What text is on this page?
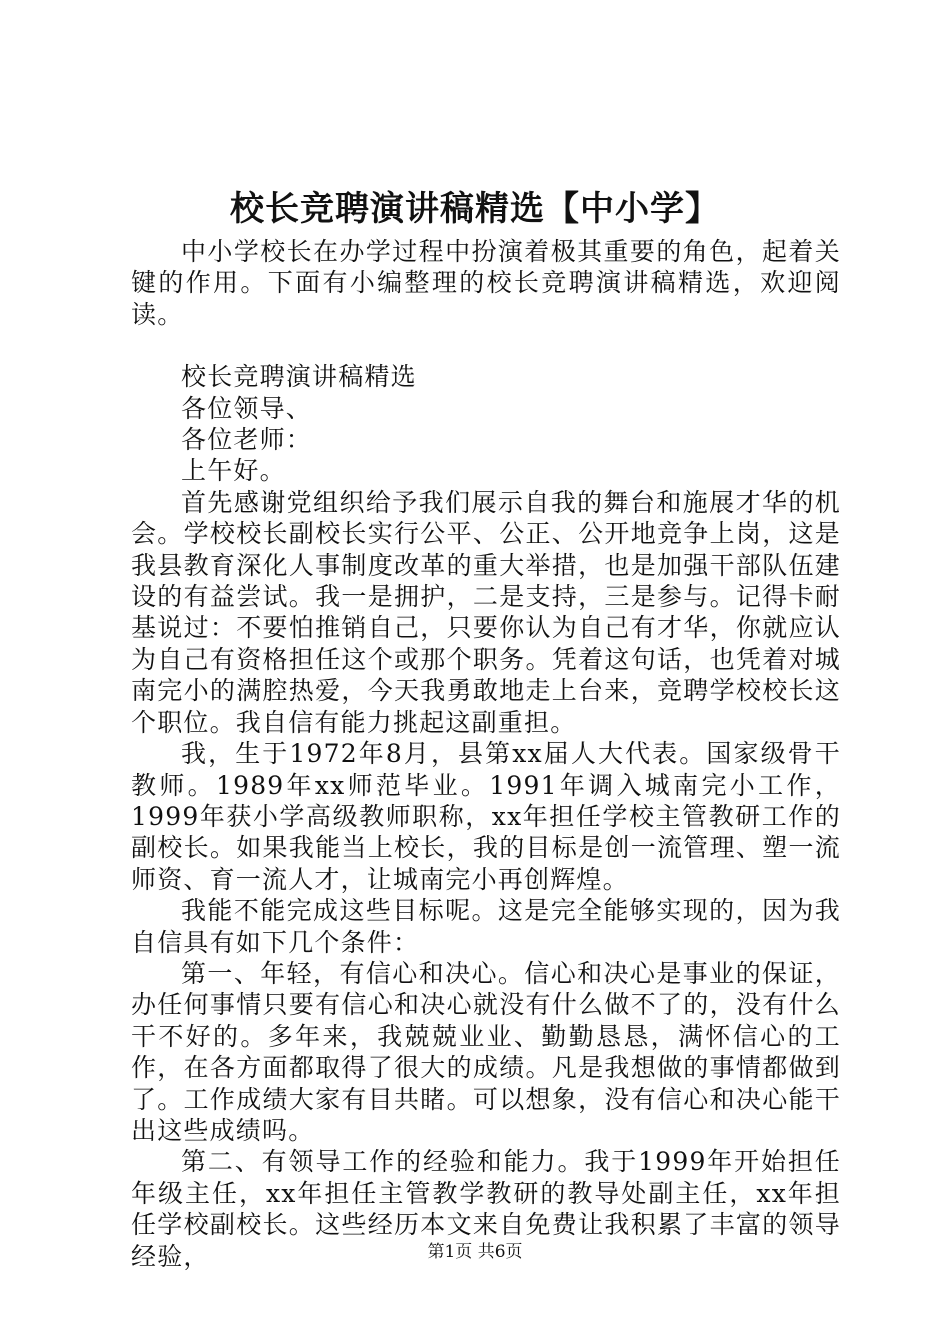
校长竞聘演讲稿精选【中小学】

中小学校长在办学过程中扮演着极其重要的角色，起着关键的作用。下面有小编整理的校长竞聘演讲稿精选，欢迎阅读。

校长竞聘演讲稿精选

各位领导、

各位老师：

上午好。

首先感谢党组织给予我们展示自我的舞台和施展才华的机会。学校校长副校长实行公平、公正、公开地竞争上岗，这是我县教育深化人事制度改革的重大举措，也是加强干部队伍建设的有益尝试。我一是拥护，二是支持，三是参与。记得卡耐基说过：不要怕推销自己，只要你认为自己有才华，你就应认为自己有资格担任这个或那个职务。凭着这句话，也凭着对城南完小的满腔热爱，今天我勇敢地走上台来，竞聘学校校长这个职位。我自信有能力挑起这副重担。

我，生于1972年8月，县第xx届人大代表。国家级骨干教师。1989年xx师范毕业。1991年调入城南完小工作，1999年获小学高级教师职称，xx年担任学校主管教研工作的副校长。如果我能当上校长，我的目标是创一流管理、塑一流师资、育一流人才，让城南完小再创辉煌。

我能不能完成这些目标呢。这是完全能够实现的，因为我自信具有如下几个条件：

第一、年轻，有信心和决心。信心和决心是事业的保证，办任何事情只要有信心和决心就没有什么做不了的，没有什么干不好的。多年来，我兢兢业业、勤勤恳恳，满怀信心的工作，在各方面都取得了很大的成绩。凡是我想做的事情都做到了。工作成绩大家有目共睹。可以想象，没有信心和决心能干出这些成绩吗。

第二、有领导工作的经验和能力。我于1999年开始担任年级主任，xx年担任主管教学教研的教导处副主任，xx年担任学校副校长。这些经历本文来自免费让我积累了丰富的领导经验，	第1页 共6页
